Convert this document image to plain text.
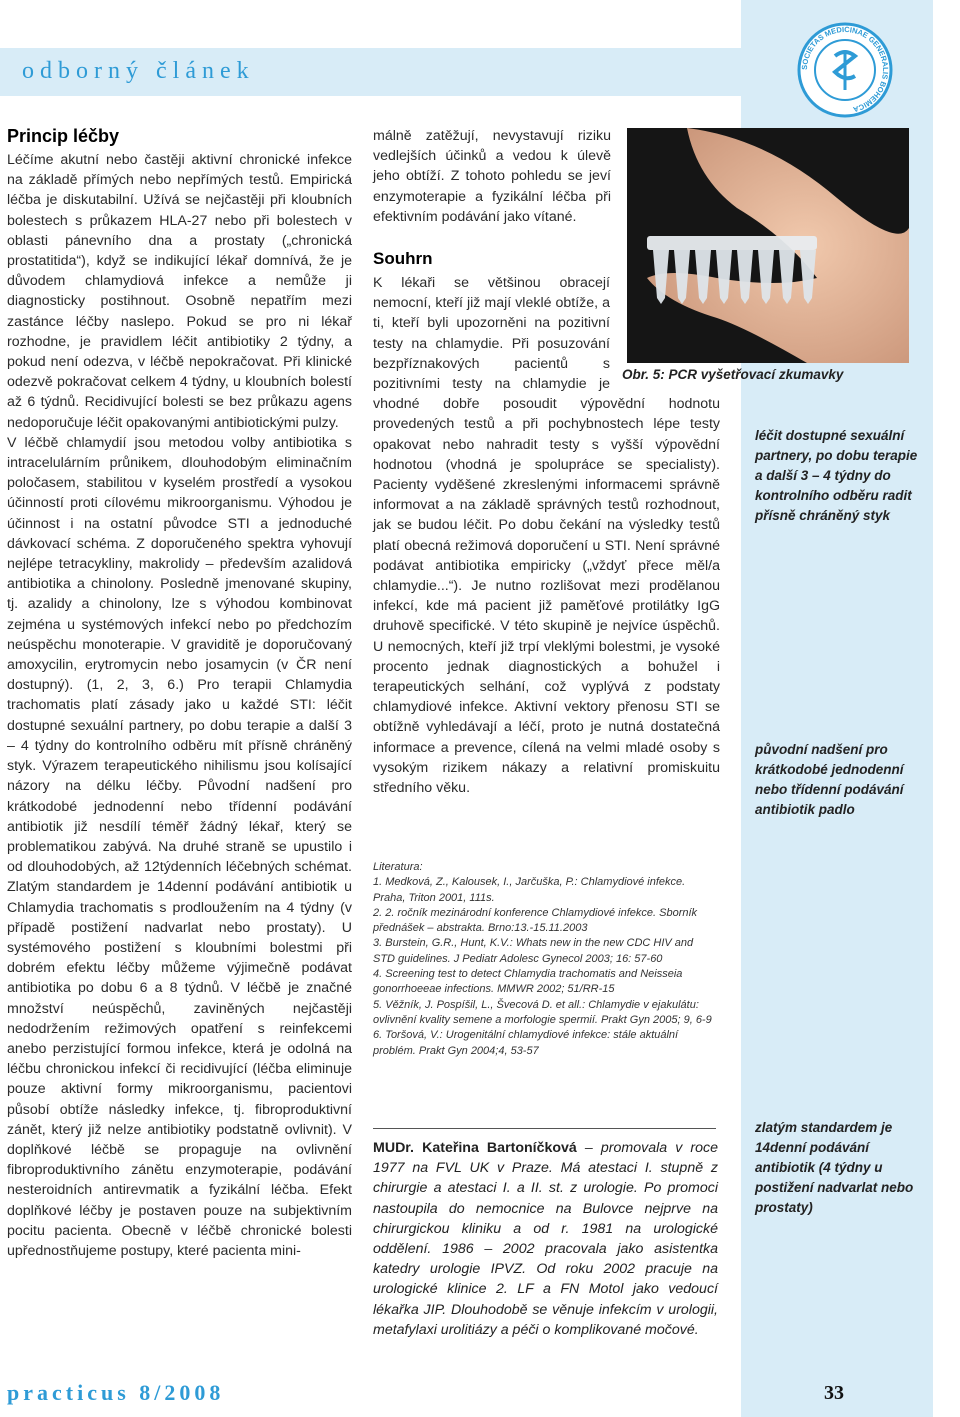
odborný článek	SOCIETAS MEDICINAE GENERALIS BOHEMICA
Princip léčby

Léčíme akutní nebo častěji aktivní chronické infekce na základě přímých nebo nepřímých testů. Empirická léčba je diskutabilní. Užívá se nejčastěji při kloubních bolestech s průkazem HLA-27 nebo při bolestech v oblasti pánevního dna a prostaty („chronická prostatitida“), když se indikující lékař domnívá, že je důvodem chlamydiová infekce a nemůže ji diagnosticky postihnout. Osobně nepatřím mezi zastánce léčby naslepo. Pokud se pro ni lékař rozhodne, je pravidlem léčit antibiotiky 2 týdny, a pokud není odezva, v léčbě nepokračovat. Při klinické odezvě pokračovat celkem 4 týdny, u kloubních bolestí až 6 týdnů. Recidivující bolesti se bez průkazu agens nedoporučuje léčit opakovanými antibiotickými pulzy.

V léčbě chlamydií jsou metodou volby antibiotika s intracelulárním průnikem, dlouhodobým eliminačním poločasem, stabilitou v kyselém prostředí a vysokou účinností proti cílovému mikroorganismu. Výhodou je účinnost i na ostatní původce STI a jednoduché dávkovací schéma. Z doporučeného spektra vyhovují nejlépe tetracykliny, makrolidy – především azalidová antibiotika a chinolony. Posledně jmenované skupiny, tj. azalidy a chinolony, lze s výhodou kombinovat zejména u systémových infekcí nebo po předchozím neúspěchu monoterapie. V graviditě je doporučovaný amoxycilin, erytromycin nebo josamycin (v ČR není dostupný). (1, 2, 3, 6.) Pro terapii Chlamydia trachomatis platí zásady jako u každé STI: léčit dostupné sexuální partnery, po dobu terapie a další 3 – 4 týdny do kontrolního odběru mít přísně chráněný styk. Výrazem terapeutického nihilismu jsou kolísající názory na délku léčby. Původní nadšení pro krátkodobé jednodenní nebo třídenní podávání antibiotik již nesdílí téměř žádný lékař, který se problematikou zabývá. Na druhé straně se upustilo i od dlouhodobých, až 12týdenních léčebných schémat. Zlatým standardem je 14denní podávání antibiotik u Chlamydia trachomatis s prodloužením na 4 týdny (v případě postižení nadvarlat nebo prostaty). U systémového postižení s kloubními bolestmi při dobrém efektu léčby můžeme výjimečně podávat antibiotika po dobu 6 a 8 týdnů. V léčbě je značné množství neúspěchů, zaviněných nejčastěji nedodržením režimových opatření s reinfekcemi anebo perzistující formou infekce, která je odolná na léčbu chronickou infekcí či recidivující (léčba eliminuje pouze aktivní formy mikroorganismu, pacientovi působí obtíže následky infekce, tj. fibroproduktivní zánět, který již nelze antibiotiky podstatně ovlivnit). V doplňkové léčbě se propaguje na ovlivnění fibroproduktivního zánětu enzymoterapie, podávání nesteroidních antirevmatik a fyzikální léčba. Efekt doplňkové léčby je postaven pouze na subjektivním pocitu pacienta. Obecně v léčbě chronické bolesti upřednostňujeme postupy, které pacienta mini-

málně zatěžují, nevystavují riziku vedlejších účinků a vedou k úlevě jeho obtíží. Z tohoto pohledu se jeví enzymoterapie a fyzikální léčba při efektivním podávání jako vítané.
Souhrn

K lékaři se většinou obracejí nemocní, kteří již mají vleklé obtíže, a ti, kteří byli upozorněni na pozitivní testy na chlamydie. Při posuzování bezpříznakových pacientů s pozitivními testy na chlamydie je vhodné dobře posoudit výpovědní hodnotu provedených testů a při pochybnostech lépe testy opakovat nebo nahradit testy s vyšší výpovědní hodnotou (vhodná je spolupráce se specialisty). Pacienty vyděšené zkreslenými informacemi správně informovat a na základě správných testů rozhodnout, jak se budou léčit. Po dobu čekání na výsledky testů platí obecná režimová doporučení u STI. Není správné podávat antibiotika empiricky („vždyť přece měl/a chlamydie...“). Je nutno rozlišovat mezi prodělanou infekcí, kde má pacient již paměťové protilátky IgG druhově specifické. V této skupině je nejvíce úspěchů. U nemocných, kteří již trpí vleklými bolestmi, je vysoké procento jednak diagnostických a bohužel i terapeutických selhání, což vyplývá z podstaty chlamydiové infekce. Aktivní vektory přenosu STI se obtížně vyhledávají a léčí, proto je nutná dostatečná informace a prevence, cílená na velmi mladé osoby s vysokým rizikem nákazy a relativní promiskuitu středního věku.

Obr. 5: PCR vyšetřovací zkumavky
léčit dostupné sexuální partnery, po dobu terapie a další 3 – 4 týdny do kontrolního odběru radit přísně chráněný styk
původní nadšení pro krátkodobé jednodenní nebo třídenní podávání antibiotik padlo
zlatým standardem je 14denní podávání antibiotik (4 týdny u postižení nadvarlat nebo prostaty)
Literatura:
1. Medková, Z., Kalousek, I., Jarčuška, P.: Chlamydiové infekce. Praha, Triton 2001, 111s.
2. 2. ročník mezinárodní konference Chlamydiové infekce. Sborník přednášek – abstrakta. Brno:13.-15.11.2003
3. Burstein, G.R., Hunt, K.V.: Whats new in the new CDC HIV and STD guidelines. J Pediatr Adolesc Gynecol 2003; 16: 57-60
4. Screening test to detect Chlamydia trachomatis and Neisseia gonorrhoeeae infections. MMWR 2002; 51/RR-15
5. Věžník, J. Pospíšil, L., Švecová D. et all.: Chlamydie v ejakulátu: ovlivnění kvality semene a morfologie spermií. Prakt Gyn 2005; 9, 6-9
6. Toršová, V.: Urogenitální chlamydiové infekce: stále aktuální problém. Prakt Gyn 2004;4, 53-57
MUDr. Kateřina Bartoníčková – promovala v roce 1977 na FVL UK v Praze. Má atestaci I. stupně z chirurgie a atestaci I. a II. st. z urologie. Po promoci nastoupila do nemocnice na Bulovce nejprve na chirurgickou kliniku a od r. 1981 na urologické oddělení. 1986 – 2002 pracovala jako asistentka katedry urologie IPVZ. Od roku 2002 pracuje na urologické klinice 2. LF a FN Motol jako vedoucí lékařka JIP. Dlouhodobě se věnuje infekcím v urologii, metafylaxi urolitiázy a péči o komplikované močové.
practicus 8/2008	33
